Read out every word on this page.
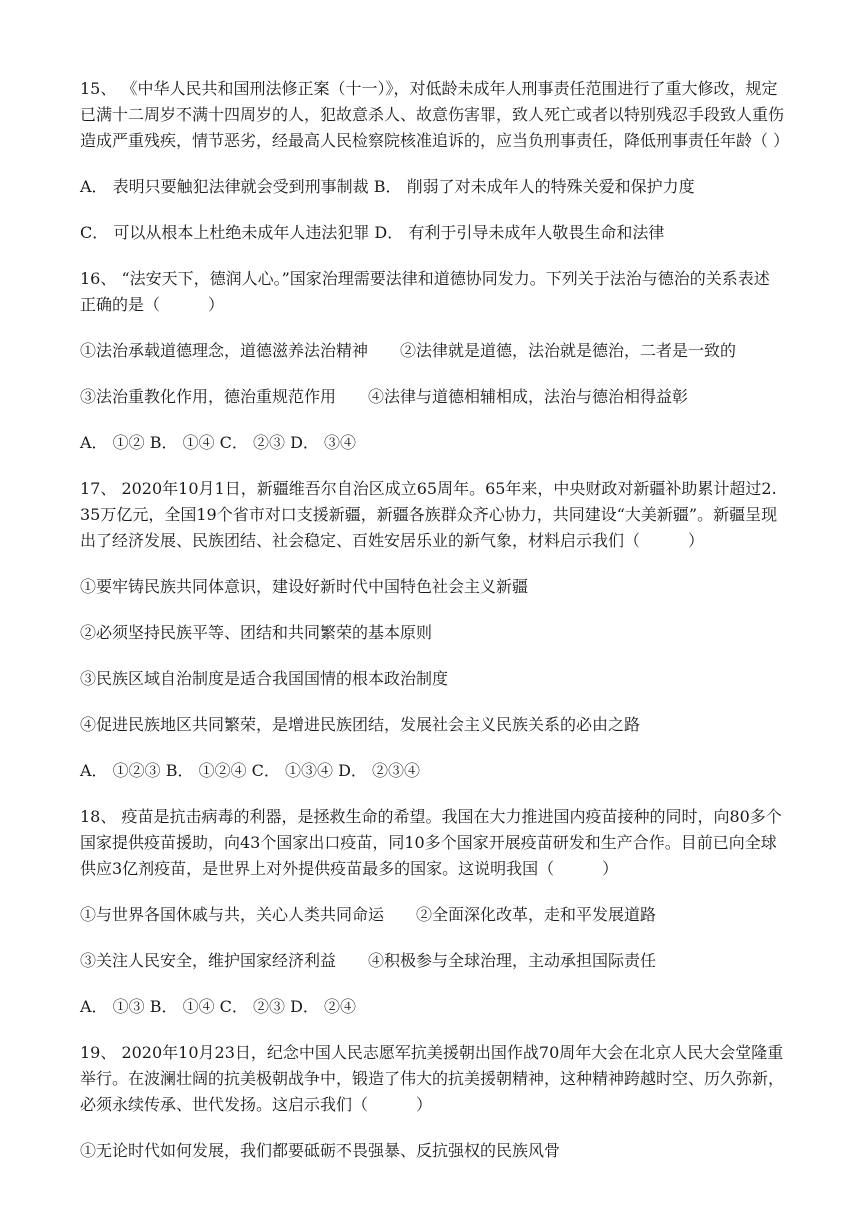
15、 《中华人民共和国刑法修正案（十一）》，对低龄未成年人刑事责任范围进行了重大修改，规定已满十二周岁不满十四周岁的人，犯故意杀人、故意伤害罪，致人死亡或者以特别残忍手段致人重伤造成严重残疾，情节恶劣，经最高人民检察院核准追诉的，应当负刑事责任，降低刑事责任年龄（ ）

A． 表明只要触犯法律就会受到刑事制裁 B． 削弱了对未成年人的特殊关爱和保护力度

C． 可以从根本上杜绝未成年人违法犯罪 D． 有利于引导未成年人敬畏生命和法律

16、 “法安天下，德润人心。”国家治理需要法律和道德协同发力。下列关于法治与德治的关系表述正确的是（　　　）

①法治承载道德理念，道德滋养法治精神　　②法律就是道德，法治就是德治，二者是一致的

③法治重教化作用，德治重规范作用　　④法律与道德相辅相成，法治与德治相得益彰

A． ①② B． ①④ C． ②③ D． ③④

17、 2020年10月1日，新疆维吾尔自治区成立65周年。65年来，中央财政对新疆补助累计超过2.35万亿元，全国19个省市对口支援新疆，新疆各族群众齐心协力，共同建设“大美新疆”。新疆呈现出了经济发展、民族团结、社会稳定、百姓安居乐业的新气象，材料启示我们（　　　）

①要牢铸民族共同体意识，建设好新时代中国特色社会主义新疆

②必须坚持民族平等、团结和共同繁荣的基本原则

③民族区域自治制度是适合我国国情的根本政治制度

④促进民族地区共同繁荣，是增进民族团结，发展社会主义民族关系的必由之路

A． ①②③ B． ①②④ C． ①③④ D． ②③④

18、 疫苗是抗击病毒的利器，是拯救生命的希望。我国在大力推进国内疫苗接种的同时，向80多个国家提供疫苗援助，向43个国家出口疫苗，同10多个国家开展疫苗研发和生产合作。目前已向全球供应3亿剂疫苗，是世界上对外提供疫苗最多的国家。这说明我国（　　　）

①与世界各国休戚与共，关心人类共同命运　　②全面深化改革，走和平发展道路

③关注人民安全，维护国家经济利益　　④积极参与全球治理，主动承担国际责任

A． ①③ B． ①④ C． ②③ D． ②④

19、 2020年10月23日，纪念中国人民志愿军抗美援朝出国作战70周年大会在北京人民大会堂隆重举行。在波澜壮阔的抗美极朝战争中，锻造了伟大的抗美援朝精神，这种精神跨越时空、历久弥新，必须永续传承、世代发扬。这启示我们（　　　）

①无论时代如何发展，我们都要砥砺不畏强暴、反抗强权的民族风骨
